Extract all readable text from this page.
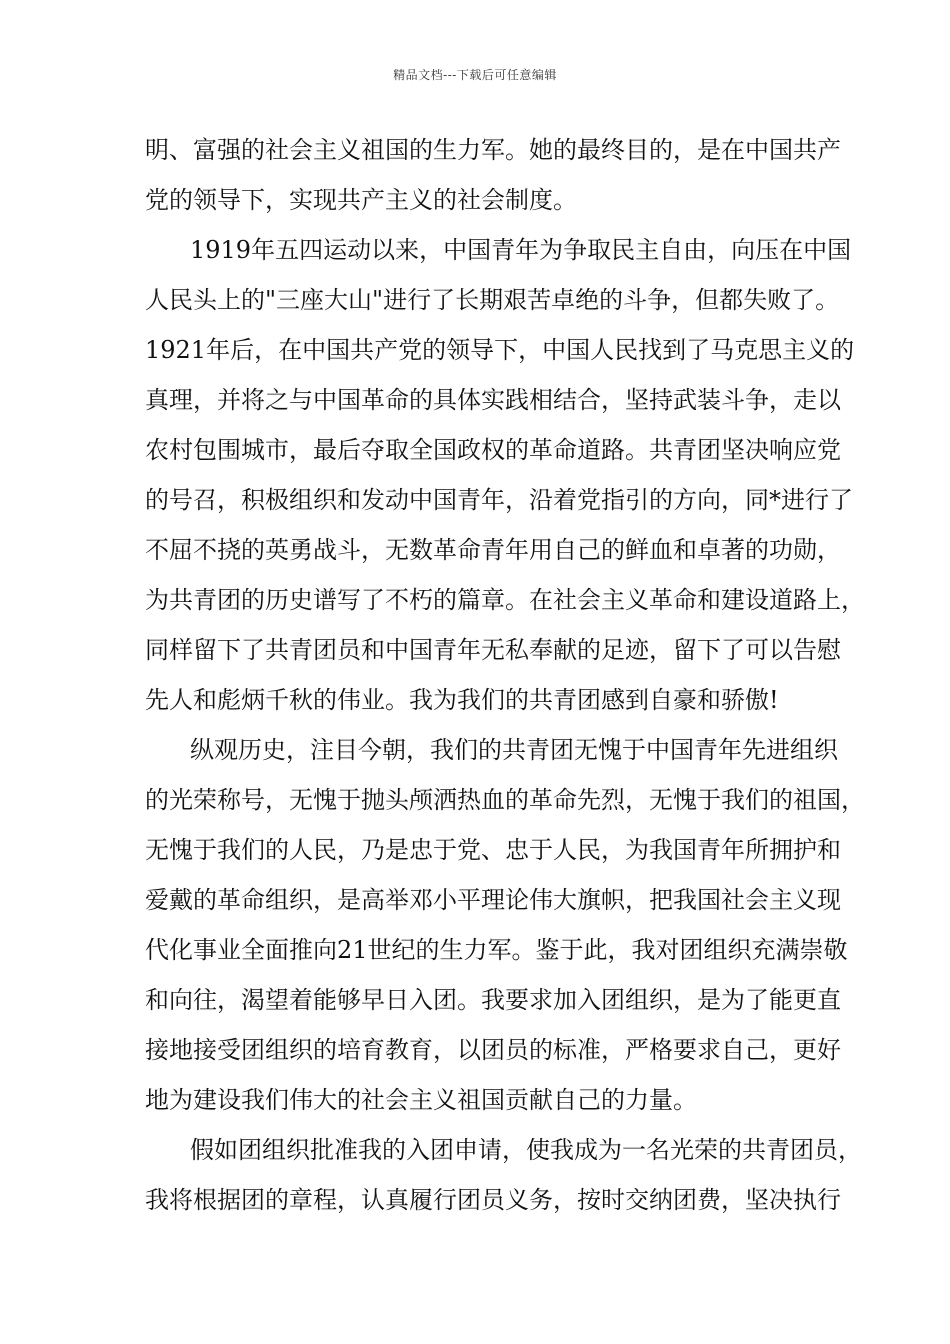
精品文档---下载后可任意编辑
明、富强的社会主义祖国的生力军。她的最终目的，是在中国共产
党的领导下，实现共产主义的社会制度。
1919年五四运动以来，中国青年为争取民主自由，向压在中国
人民头上的"三座大山"进行了长期艰苦卓绝的斗争，但都失败了。
1921年后，在中国共产党的领导下，中国人民找到了马克思主义的
真理，并将之与中国革命的具体实践相结合，坚持武装斗争，走以
农村包围城市，最后夺取全国政权的革命道路。共青团坚决响应党
的号召，积极组织和发动中国青年，沿着党指引的方向，同*进行了
不屈不挠的英勇战斗，无数革命青年用自己的鲜血和卓著的功勋，
为共青团的历史谱写了不朽的篇章。在社会主义革命和建设道路上，
同样留下了共青团员和中国青年无私奉献的足迹，留下了可以告慰
先人和彪炳千秋的伟业。我为我们的共青团感到自豪和骄傲!
纵观历史，注目今朝，我们的共青团无愧于中国青年先进组织
的光荣称号，无愧于抛头颅洒热血的革命先烈，无愧于我们的祖国，
无愧于我们的人民，乃是忠于党、忠于人民，为我国青年所拥护和
爱戴的革命组织，是高举邓小平理论伟大旗帜，把我国社会主义现
代化事业全面推向21世纪的生力军。鉴于此，我对团组织充满崇敬
和向往，渴望着能够早日入团。我要求加入团组织，是为了能更直
接地接受团组织的培育教育，以团员的标准，严格要求自己，更好
地为建设我们伟大的社会主义祖国贡献自己的力量。
假如团组织批准我的入团申请，使我成为一名光荣的共青团员，
我将根据团的章程，认真履行团员义务，按时交纳团费，坚决执行
